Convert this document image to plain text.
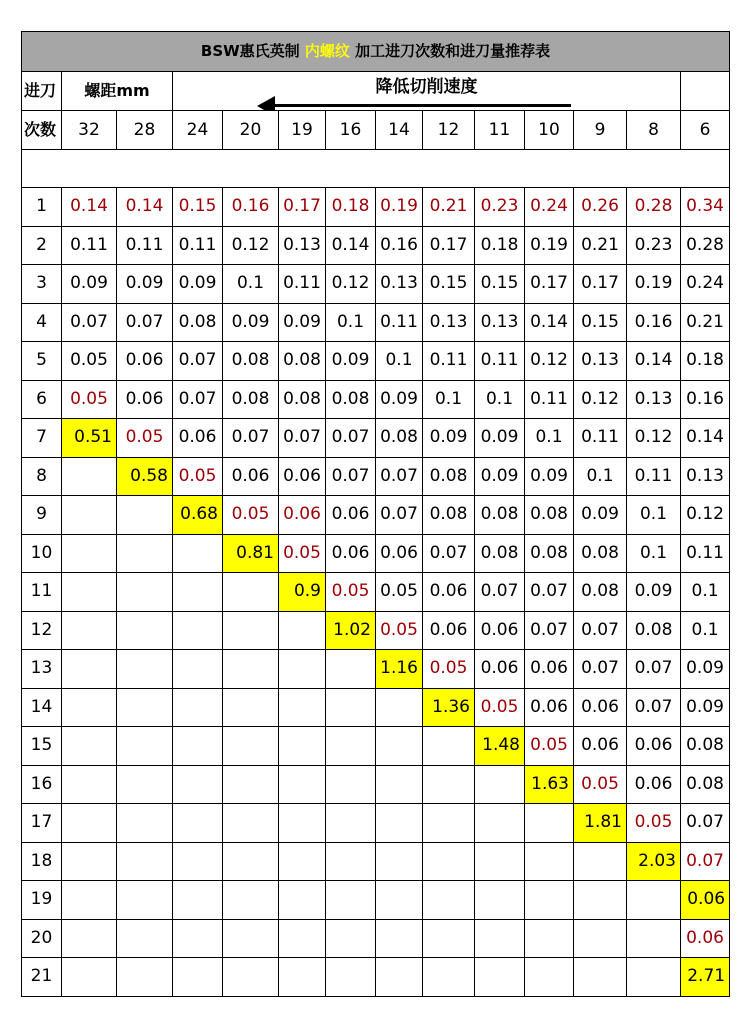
BSW惠氏英制 内螺纹 加工进刀次数和进刀量推荐表													
进刀	螺距mm		降低切削速度										

次数	32	28	24	20	19	16	14	12	11	10	9	8	6

1	0.14	0.14	0.15	0.16	0.17	0.18	0.19	0.21	0.23	0.24	0.26	0.28	0.34
2	0.11	0.11	0.11	0.12	0.13	0.14	0.16	0.17	0.18	0.19	0.21	0.23	0.28
3	0.09	0.09	0.09	0.1	0.11	0.12	0.13	0.15	0.15	0.17	0.17	0.19	0.24
4	0.07	0.07	0.08	0.09	0.09	0.1	0.11	0.13	0.13	0.14	0.15	0.16	0.21
5	0.05	0.06	0.07	0.08	0.08	0.09	0.1	0.11	0.11	0.12	0.13	0.14	0.18
6	0.05	0.06	0.07	0.08	0.08	0.08	0.09	0.1	0.1	0.11	0.12	0.13	0.16
7	0.51	0.05	0.06	0.07	0.07	0.07	0.08	0.09	0.09	0.1	0.11	0.12	0.14
8		0.58	0.05	0.06	0.06	0.07	0.07	0.08	0.09	0.09	0.1	0.11	0.13
9			0.68	0.05	0.06	0.06	0.07	0.08	0.08	0.08	0.09	0.1	0.12
10				0.81	0.05	0.06	0.06	0.07	0.08	0.08	0.08	0.1	0.11
11					0.9	0.05	0.05	0.06	0.07	0.07	0.08	0.09	0.1
12						1.02	0.05	0.06	0.06	0.07	0.07	0.08	0.1
13							1.16	0.05	0.06	0.06	0.07	0.07	0.09
14								1.36	0.05	0.06	0.06	0.07	0.09
15									1.48	0.05	0.06	0.06	0.08
16										1.63	0.05	0.06	0.08
17											1.81	0.05	0.07
18												2.03	0.07
19													0.06
20													0.06
21													2.71
